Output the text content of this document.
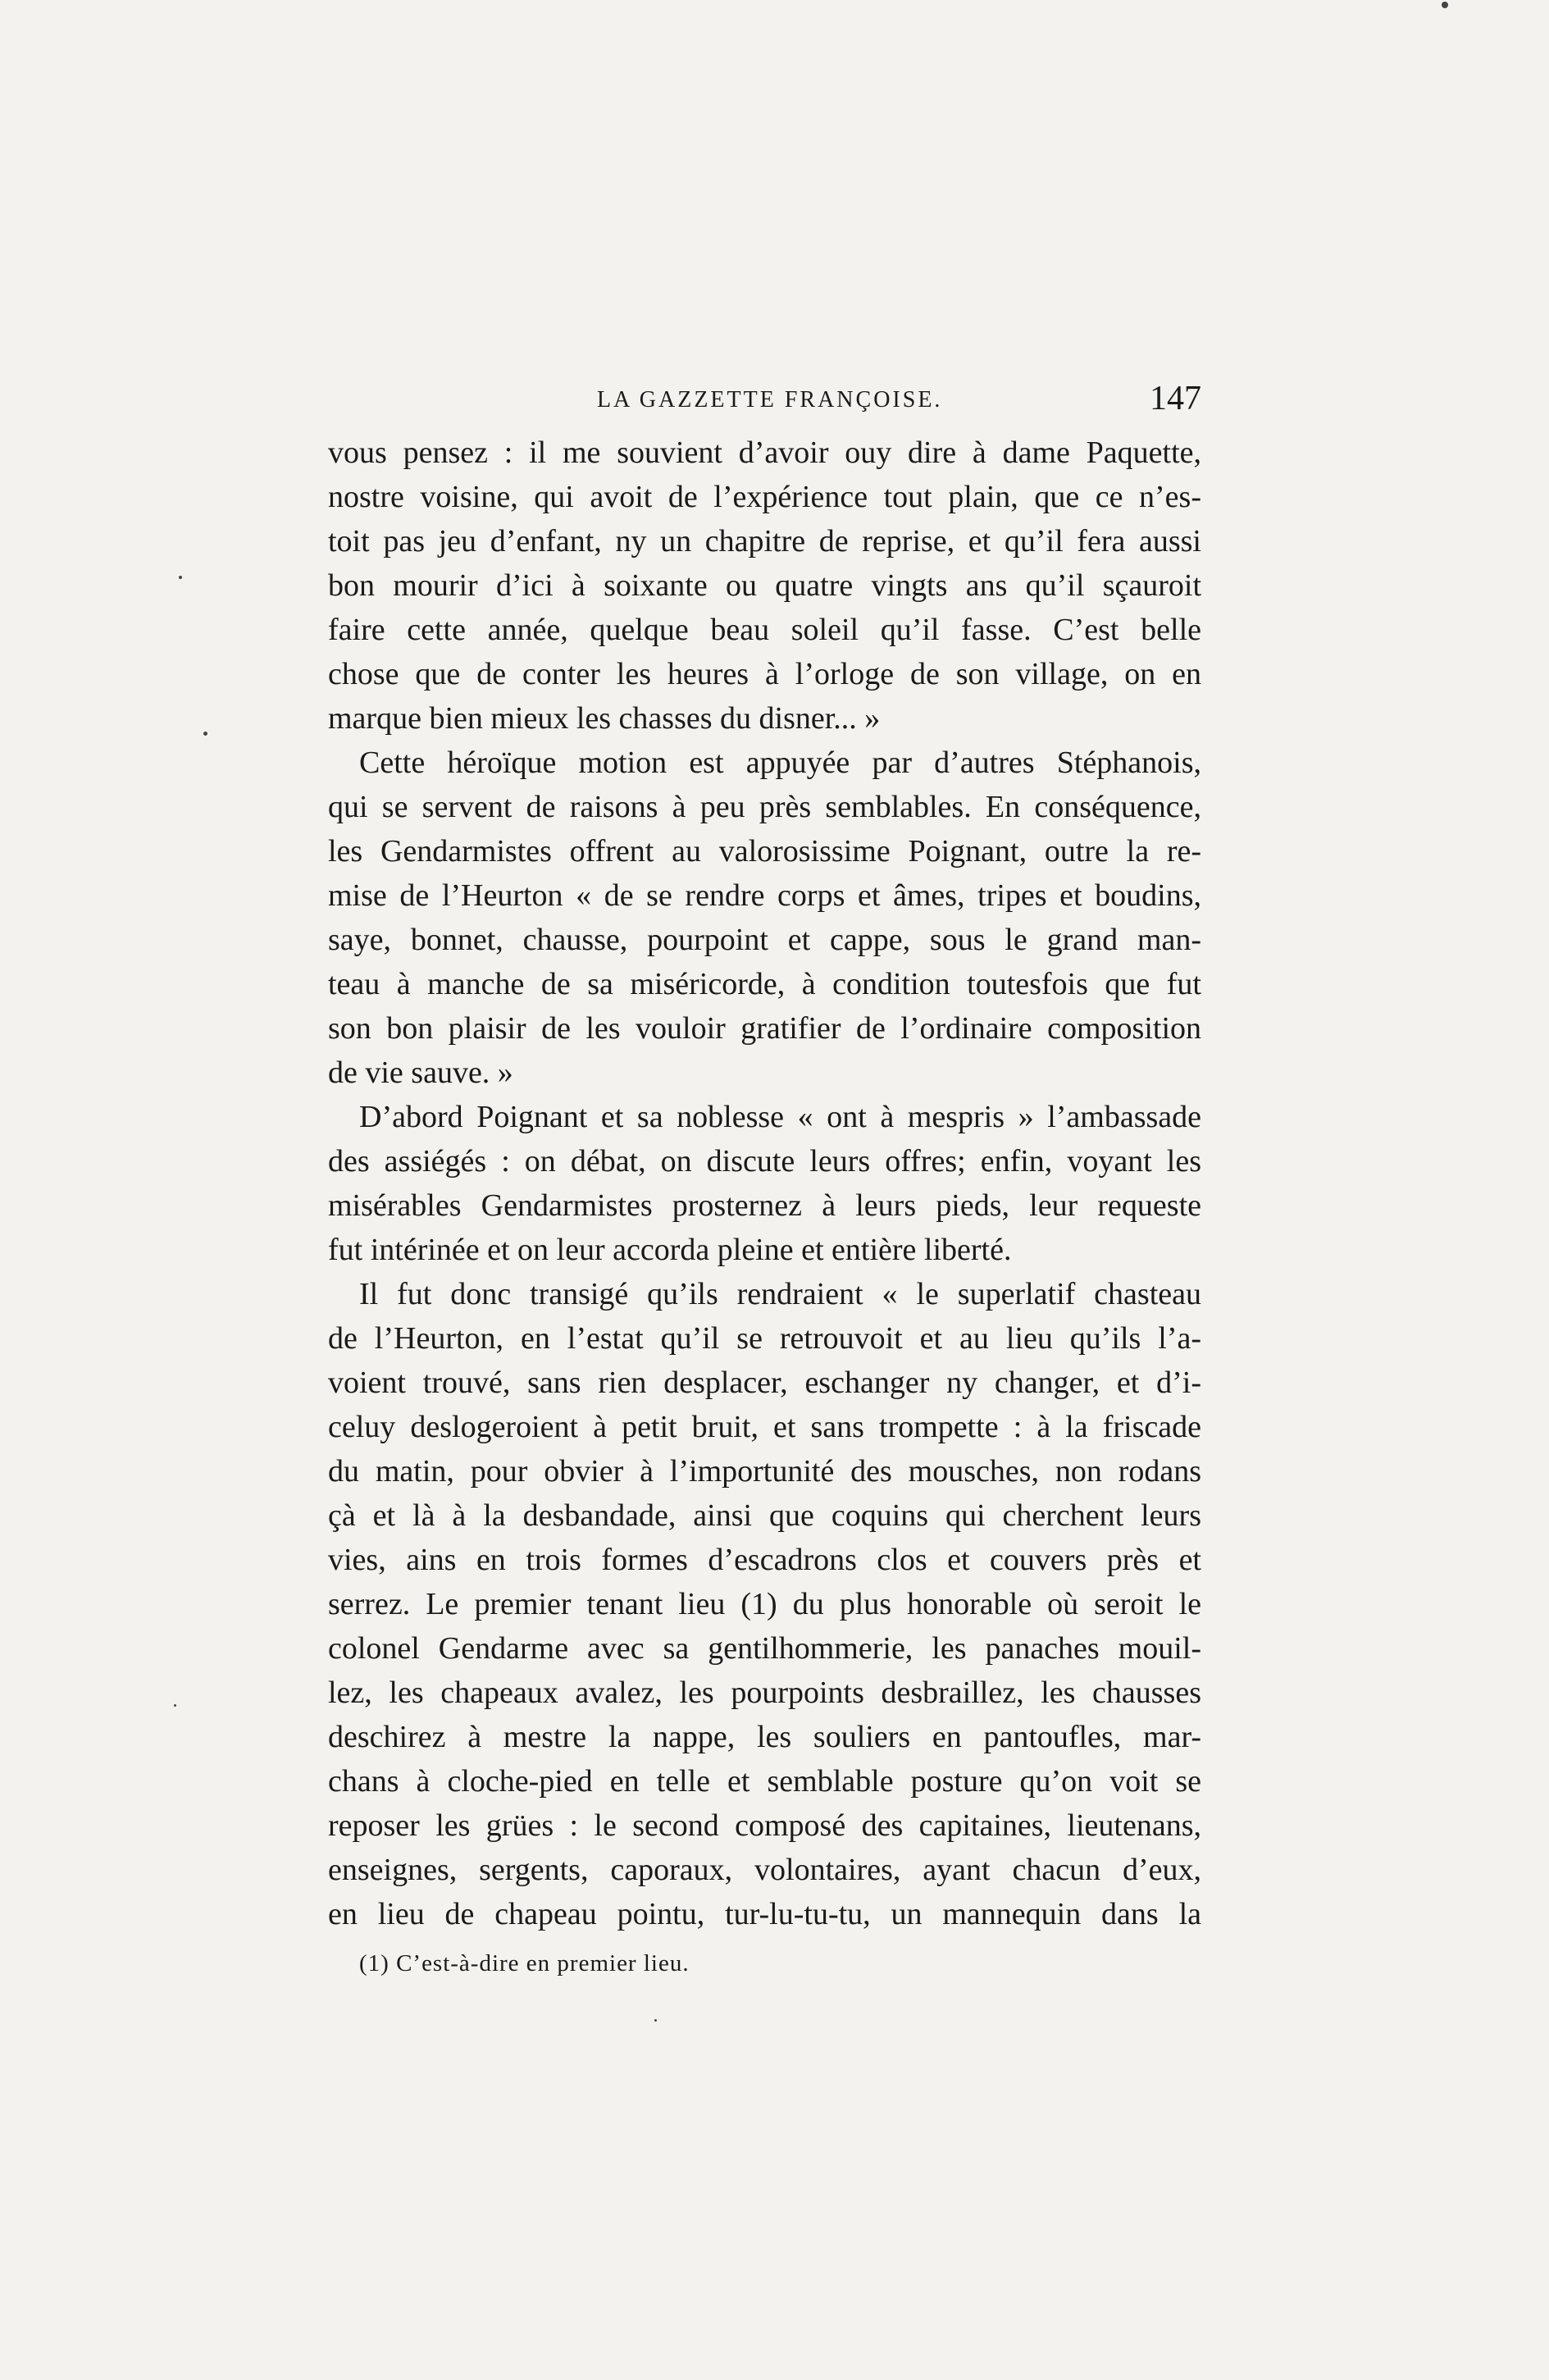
LA GAZZETTE FRANÇOISE.	147
vous pensez : il me souvient d’avoir ouy dire à dame Paquette,
nostre voisine, qui avoit de l’expérience tout plain, que ce n’es-
toit pas jeu d’enfant, ny un chapitre de reprise, et qu’il fera aussi
bon mourir d’ici à soixante ou quatre vingts ans qu’il sçauroit
faire cette année, quelque beau soleil qu’il fasse. C’est belle
chose que de conter les heures à l’orloge de son village, on en
marque bien mieux les chasses du disner... »
Cette héroïque motion est appuyée par d’autres Stéphanois,
qui se servent de raisons à peu près semblables. En conséquence,
les Gendarmistes offrent au valorosissime Poignant, outre la re-
mise de l’Heurton « de se rendre corps et âmes, tripes et boudins,
saye, bonnet, chausse, pourpoint et cappe, sous le grand man-
teau à manche de sa miséricorde, à condition toutesfois que fut
son bon plaisir de les vouloir gratifier de l’ordinaire composition
de vie sauve. »
D’abord Poignant et sa noblesse « ont à mespris » l’ambassade
des assiégés : on débat, on discute leurs offres; enfin, voyant les
misérables Gendarmistes prosternez à leurs pieds, leur requeste
fut intérinée et on leur accorda pleine et entière liberté.
Il fut donc transigé qu’ils rendraient « le superlatif chasteau
de l’Heurton, en l’estat qu’il se retrouvoit et au lieu qu’ils l’a-
voient trouvé, sans rien desplacer, eschanger ny changer, et d’i-
celuy deslogeroient à petit bruit, et sans trompette : à la friscade
du matin, pour obvier à l’importunité des mousches, non rodans
çà et là à la desbandade, ainsi que coquins qui cherchent leurs
vies, ains en trois formes d’escadrons clos et couvers près et
serrez. Le premier tenant lieu (1) du plus honorable où seroit le
colonel Gendarme avec sa gentilhommerie, les panaches mouil-
lez, les chapeaux avalez, les pourpoints desbraillez, les chausses
deschirez à mestre la nappe, les souliers en pantoufles, mar-
chans à cloche-pied en telle et semblable posture qu’on voit se
reposer les grües : le second composé des capitaines, lieutenans,
enseignes, sergents, caporaux, volontaires, ayant chacun d’eux,
en lieu de chapeau pointu, tur-lu-tu-tu, un mannequin dans la
(1) C’est-à-dire en premier lieu.
